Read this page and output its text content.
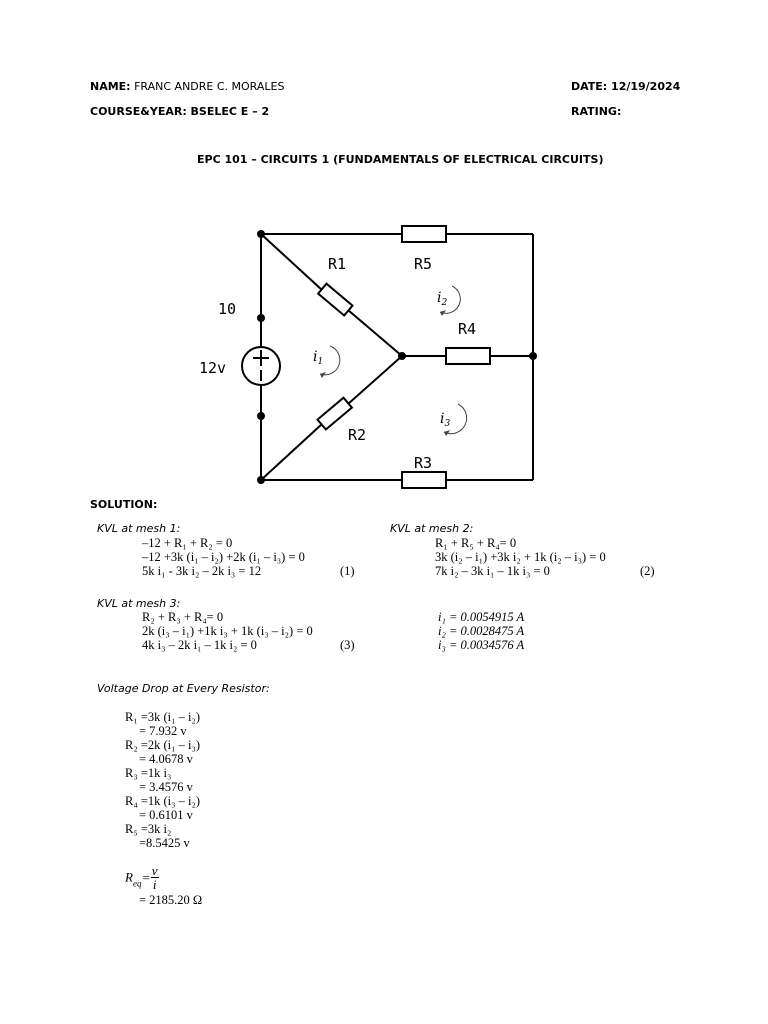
NAME: FRANC ANDRE C. MORALES	DATE: 12/19/2024
COURSE&YEAR: BSELEC E – 2	RATING:
EPC 101 – CIRCUITS 1 (FUNDAMENTALS OF ELECTRICAL CIRCUITS)
R1	R5
R4
R2
R3
10
12v
$i_1$
$i_2$
$i_3$
SOLUTION:
KVL at mesh 1:
–12 + R₁ + R₂ = 0
–12 +3k (i₁ – i₂) +2k (i₁ – i₃) = 0
5k i₁ - 3k i₂ – 2k i₃ = 12	(1)
KVL at mesh 2:
R₁ + R₅ + R₄= 0
3k (i₂ – i₁) +3k i₂ + 1k (i₂ – i₃) = 0
7k i₂ – 3k i₁ – 1k i₃ = 0	(2)
KVL at mesh 3:
R₂ + R₃ + R₄= 0
2k (i₃ – i₁) +1k i₃ + 1k (i₃ – i₂) = 0
4k i₃ – 2k i₁ – 1k i₂ = 0	(3)
i₁ = 0.0054915 A
i₂ = 0.0028475 A
i₃ = 0.0034576 A
Voltage Drop at Every Resistor:
R₁ =3k (i₁ – i₂)
= 7.932 v
R₂ =2k (i₁ – i₃)
= 4.0678 v
R₃ =1k i₃
= 3.4576 v
R₄ =1k (i₃ – i₂)
= 0.6101 v
R₅ =3k i₂
=8.5425 v
$R_{eq}= \frac{v}{i}$
= 2185.20 Ω
